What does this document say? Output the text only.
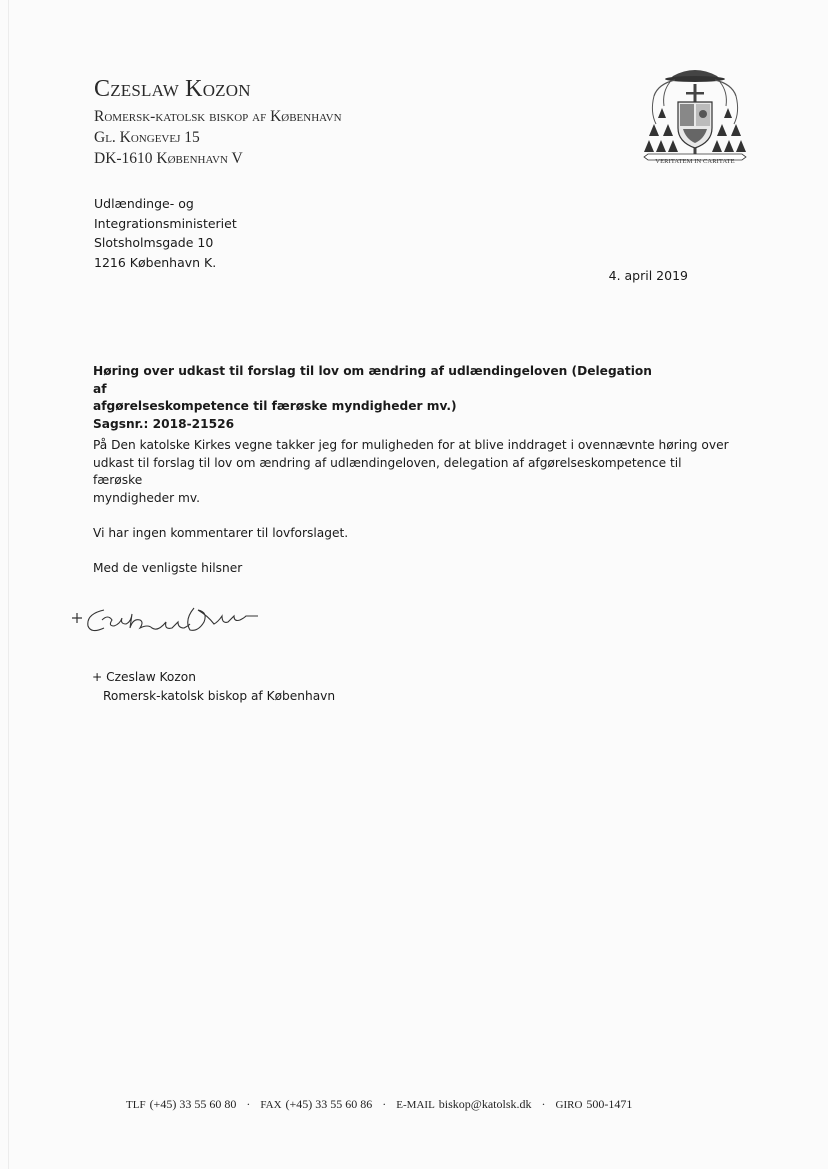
Czeslaw Kozon
Romersk-katolsk biskop af København
Gl. Kongevej 15
DK-1610 København V	VERITATEM IN CARITATE
Udlændinge- og
Integrationsministeriet
Slotsholmsgade 10
1216 København K.
4. april 2019
Høring over udkast til forslag til lov om ændring af udlændingeloven (Delegation af
afgørelseskompetence til færøske myndigheder mv.)
Sagsnr.: 2018-21526

På Den katolske Kirkes vegne takker jeg for muligheden for at blive inddraget i ovennævnte høring over
udkast til forslag til lov om ændring af udlændingeloven, delegation af afgørelseskompetence til færøske
myndigheder mv.

Vi har ingen kommentarer til lovforslaget.

Med de venligste hilsner

+ Czeslaw Kozon
Romersk-katolsk biskop af København
TLF (+45) 33 55 60 80 · FAX (+45) 33 55 60 86 · E-MAIL biskop@katolsk.dk · GIRO 500-1471
